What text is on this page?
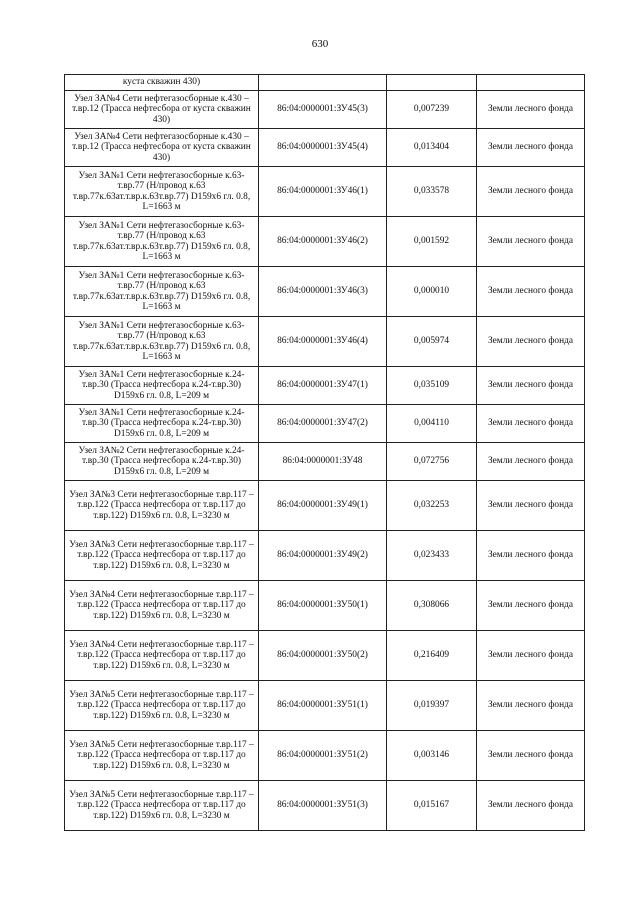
630
куста скважин 430)			
Узел ЗА№4 Сети нефтегазосборные к.430 – т.вр.12 (Трасса нефтесбора от куста скважин 430)	86:04:0000001:ЗУ45(3)	0,007239	Земли лесного фонда
Узел ЗА№4 Сети нефтегазосборные к.430 – т.вр.12 (Трасса нефтесбора от куста скважин 430)	86:04:0000001:ЗУ45(4)	0,013404	Земли лесного фонда
Узел ЗА№1 Сети нефтегазосборные к.63-т.вр.77 (Н/провод к.63 т.вр.77к.63ат.т.вр.к.63т.вр.77) D159х6 гл. 0.8, L=1663 м	86:04:0000001:ЗУ46(1)	0,033578	Земли лесного фонда
Узел ЗА№1 Сети нефтегазосборные к.63-т.вр.77 (Н/провод к.63 т.вр.77к.63ат.т.вр.к.63т.вр.77) D159х6 гл. 0.8, L=1663 м	86:04:0000001:ЗУ46(2)	0,001592	Земли лесного фонда
Узел ЗА№1 Сети нефтегазосборные к.63-т.вр.77 (Н/провод к.63 т.вр.77к.63ат.т.вр.к.63т.вр.77) D159х6 гл. 0.8, L=1663 м	86:04:0000001:ЗУ46(3)	0,000010	Земли лесного фонда
Узел ЗА№1 Сети нефтегазосборные к.63-т.вр.77 (Н/провод к.63 т.вр.77к.63ат.т.вр.к.63т.вр.77) D159х6 гл. 0.8, L=1663 м	86:04:0000001:ЗУ46(4)	0,005974	Земли лесного фонда
Узел ЗА№1 Сети нефтегазосборные к.24-т.вр.30 (Трасса нефтесбора к.24-т.вр.30) D159х6 гл. 0.8, L=209 м	86:04:0000001:ЗУ47(1)	0,035109	Земли лесного фонда
Узел ЗА№1 Сети нефтегазосборные к.24-т.вр.30 (Трасса нефтесбора к.24-т.вр.30) D159х6 гл. 0.8, L=209 м	86:04:0000001:ЗУ47(2)	0,004110	Земли лесного фонда
Узел ЗА№2 Сети нефтегазосборные к.24-т.вр.30 (Трасса нефтесбора к.24-т.вр.30) D159х6 гл. 0.8, L=209 м	86:04:0000001:ЗУ48	0,072756	Земли лесного фонда
Узел ЗА№3 Сети нефтегазосборные т.вр.117 – т.вр.122 (Трасса нефтесбора от т.вр.117 до т.вр.122) D159х6 гл. 0.8, L=3230 м	86:04:0000001:ЗУ49(1)	0,032253	Земли лесного фонда
Узел ЗА№3 Сети нефтегазосборные т.вр.117 – т.вр.122 (Трасса нефтесбора от т.вр.117 до т.вр.122) D159х6 гл. 0.8, L=3230 м	86:04:0000001:ЗУ49(2)	0,023433	Земли лесного фонда
Узел ЗА№4 Сети нефтегазосборные т.вр.117 – т.вр.122 (Трасса нефтесбора от т.вр.117 до т.вр.122) D159х6 гл. 0.8, L=3230 м	86:04:0000001:ЗУ50(1)	0,308066	Земли лесного фонда
Узел ЗА№4 Сети нефтегазосборные т.вр.117 – т.вр.122 (Трасса нефтесбора от т.вр.117 до т.вр.122) D159х6 гл. 0.8, L=3230 м	86:04:0000001:ЗУ50(2)	0,216409	Земли лесного фонда
Узел ЗА№5 Сети нефтегазосборные т.вр.117 – т.вр.122 (Трасса нефтесбора от т.вр.117 до т.вр.122) D159х6 гл. 0.8, L=3230 м	86:04:0000001:ЗУ51(1)	0,019397	Земли лесного фонда
Узел ЗА№5 Сети нефтегазосборные т.вр.117 – т.вр.122 (Трасса нефтесбора от т.вр.117 до т.вр.122) D159х6 гл. 0.8, L=3230 м	86:04:0000001:ЗУ51(2)	0,003146	Земли лесного фонда
Узел ЗА№5 Сети нефтегазосборные т.вр.117 – т.вр.122 (Трасса нефтесбора от т.вр.117 до т.вр.122) D159х6 гл. 0.8, L=3230 м	86:04:0000001:ЗУ51(3)	0,015167	Земли лесного фонда
